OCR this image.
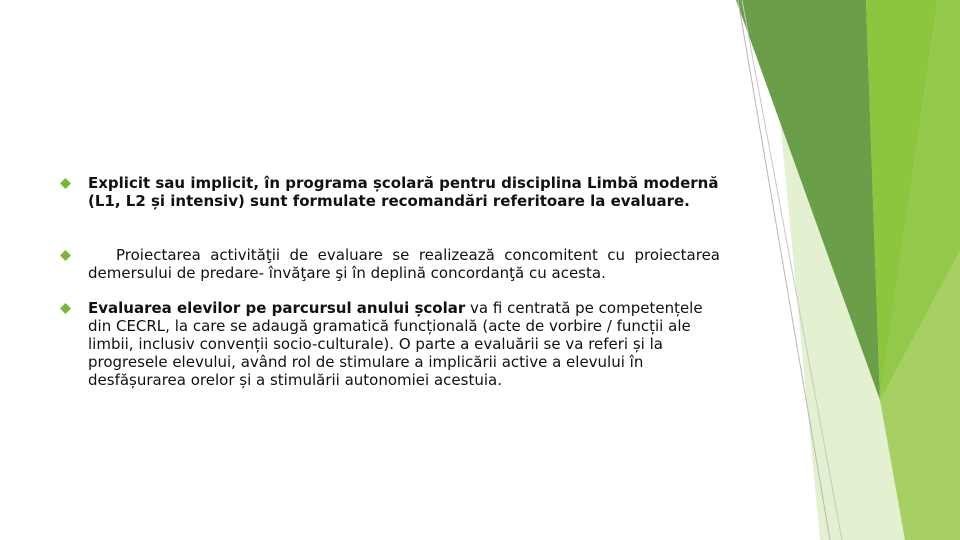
Explicit sau implicit, în programa școlară pentru disciplina Limbă modernă (L1, L2 și intensiv) sunt formulate recomandări referitoare la evaluare.
Proiectarea activităţii de evaluare se realizează concomitent cu proiectarea demersului de predare- învăţare şi în deplină concordanţă cu acesta.
Evaluarea elevilor pe parcursul anului școlar va fi centrată pe competențele din CECRL, la care se adaugă gramatică funcțională (acte de vorbire / funcții ale limbii, inclusiv convenții socio-culturale). O parte a evaluării se va referi și la progresele elevului, având rol de stimulare a implicării active a elevului în desfășurarea orelor și a stimulării autonomiei acestuia.
